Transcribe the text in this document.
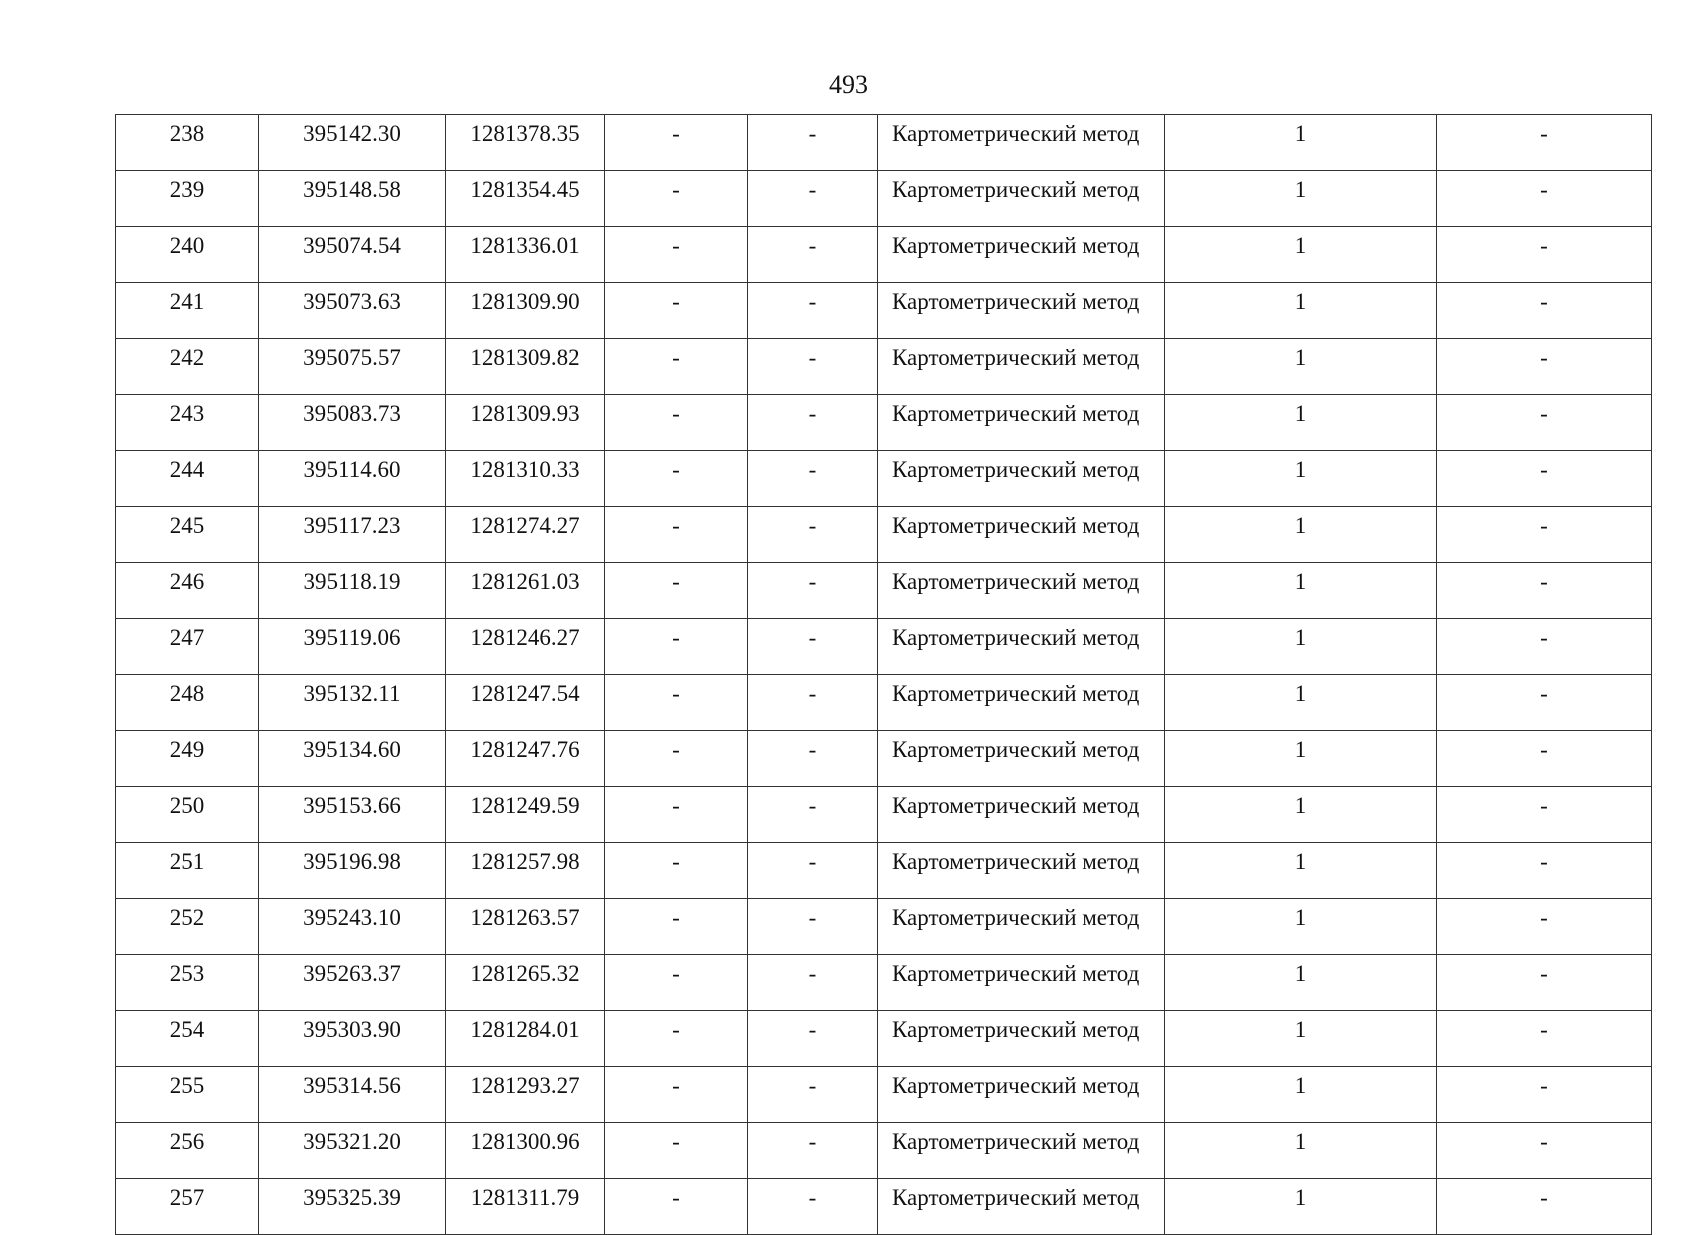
493
238	395142.30	1281378.35	-	-	Картометрический метод	1	-
239	395148.58	1281354.45	-	-	Картометрический метод	1	-
240	395074.54	1281336.01	-	-	Картометрический метод	1	-
241	395073.63	1281309.90	-	-	Картометрический метод	1	-
242	395075.57	1281309.82	-	-	Картометрический метод	1	-
243	395083.73	1281309.93	-	-	Картометрический метод	1	-
244	395114.60	1281310.33	-	-	Картометрический метод	1	-
245	395117.23	1281274.27	-	-	Картометрический метод	1	-
246	395118.19	1281261.03	-	-	Картометрический метод	1	-
247	395119.06	1281246.27	-	-	Картометрический метод	1	-
248	395132.11	1281247.54	-	-	Картометрический метод	1	-
249	395134.60	1281247.76	-	-	Картометрический метод	1	-
250	395153.66	1281249.59	-	-	Картометрический метод	1	-
251	395196.98	1281257.98	-	-	Картометрический метод	1	-
252	395243.10	1281263.57	-	-	Картометрический метод	1	-
253	395263.37	1281265.32	-	-	Картометрический метод	1	-
254	395303.90	1281284.01	-	-	Картометрический метод	1	-
255	395314.56	1281293.27	-	-	Картометрический метод	1	-
256	395321.20	1281300.96	-	-	Картометрический метод	1	-
257	395325.39	1281311.79	-	-	Картометрический метод	1	-
